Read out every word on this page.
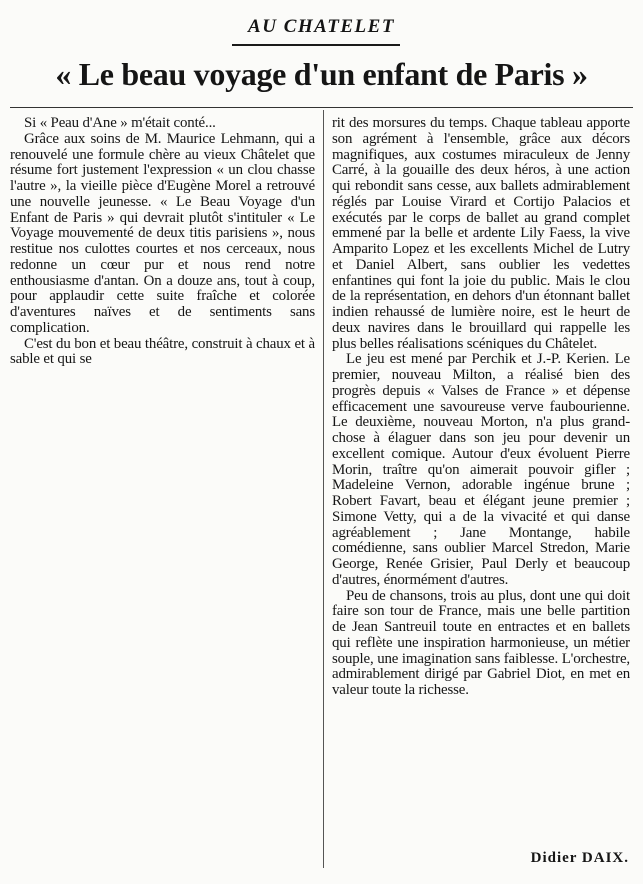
AU CHATELET
« Le beau voyage d'un enfant de Paris »

Si « Peau d'Ane » m'était conté...

Grâce aux soins de M. Maurice Lehmann, qui a renouvelé une formule chère au vieux Châtelet que résume fort justement l'expression « un clou chasse l'autre », la vieille pièce d'Eugène Morel a retrouvé une nouvelle jeunesse. « Le Beau Voyage d'un Enfant de Paris » qui devrait plutôt s'intituler « Le Voyage mouvementé de deux titis parisiens », nous restitue nos culottes courtes et nos cerceaux, nous redonne un cœur pur et nous rend notre enthousiasme d'antan. On a douze ans, tout à coup, pour applaudir cette suite fraîche et colorée d'aventures naïves et de sentiments sans complication.

C'est du bon et beau théâtre, construit à chaux et à sable et qui se

rit des morsures du temps. Chaque tableau apporte son agrément à l'ensemble, grâce aux décors magnifiques, aux costumes miraculeux de Jenny Carré, à la gouaille des deux héros, à une action qui rebondit sans cesse, aux ballets admirablement réglés par Louise Virard et Cortijo Palacios et exécutés par le corps de ballet au grand complet emmené par la belle et ardente Lily Faess, la vive Amparito Lopez et les excellents Michel de Lutry et Daniel Albert, sans oublier les vedettes enfantines qui font la joie du public. Mais le clou de la représentation, en dehors d'un étonnant ballet indien rehaussé de lumière noire, est le heurt de deux navires dans le brouillard qui rappelle les plus belles réalisations scéniques du Châtelet.

Le jeu est mené par Perchik et J.-P. Kerien. Le premier, nouveau Milton, a réalisé bien des progrès depuis « Valses de France » et dépense efficacement une savoureuse verve faubourienne. Le deuxième, nouveau Morton, n'a plus grand-chose à élaguer dans son jeu pour devenir un excellent comique. Autour d'eux évoluent Pierre Morin, traître qu'on aimerait pouvoir gifler ; Madeleine Vernon, adorable ingénue brune ; Robert Favart, beau et élégant jeune premier ; Simone Vetty, qui a de la vivacité et qui danse agréablement ; Jane Montange, habile comédienne, sans oublier Marcel Stredon, Marie George, Renée Grisier, Paul Derly et beaucoup d'autres, énormément d'autres.

Peu de chansons, trois au plus, dont une qui doit faire son tour de France, mais une belle partition de Jean Santreuil toute en entractes et en ballets qui reflète une inspiration harmonieuse, un métier souple, une imagination sans faiblesse. L'orchestre, admirablement dirigé par Gabriel Diot, en met en valeur toute la richesse.

Didier DAIX.
